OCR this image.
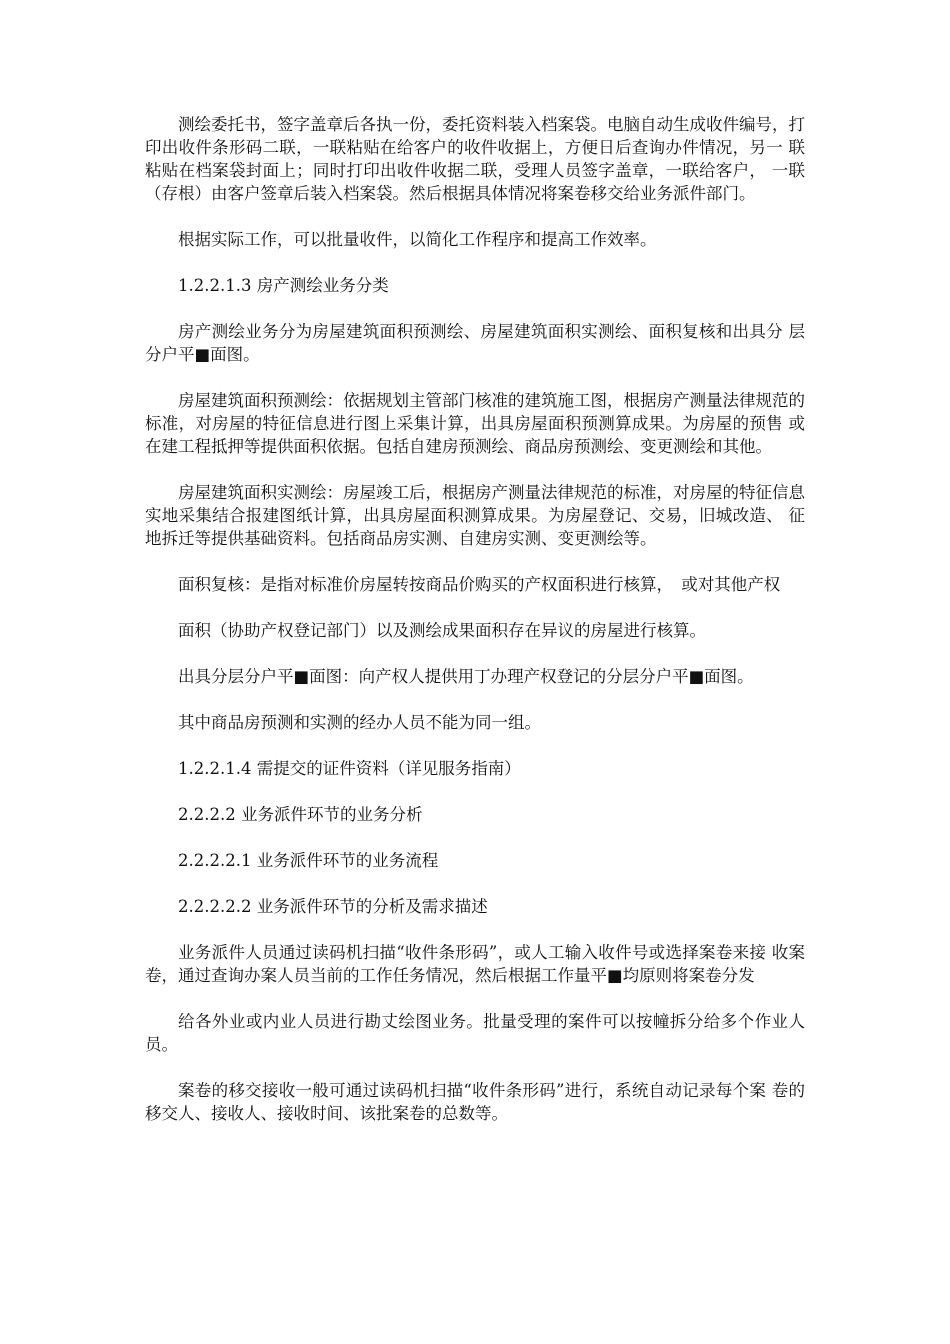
测绘委托书，签字盖章后各执一份，委托资料装入档案袋。电脑自动生成收件编号，打 印出收件条形码二联，一联粘贴在给客户的收件收据上，方便日后查询办件情况，另一 联粘贴在档案袋封面上；同时打印出收件收据二联，受理人员签字盖章，一联给客户， 一联（存根）由客户签章后装入档案袋。然后根据具体情况将案卷移交给业务派件部门。

根据实际工作，可以批量收件，以简化工作程序和提高工作效率。

1.2.2.1.3 房产测绘业务分类

房产测绘业务分为房屋建筑面积预测绘、房屋建筑面积实测绘、面积复核和出具分 层分户平■面图。

房屋建筑面积预测绘：依据规划主管部门核准的建筑施工图，根据房产测量法律规范的 标准，对房屋的特征信息进行图上采集计算，出具房屋面积预测算成果。为房屋的预售 或在建工程抵押等提供面积依据。包括自建房预测绘、商品房预测绘、变更测绘和其他。

房屋建筑面积实测绘：房屋竣工后，根据房产测量法律规范的标准，对房屋的特征信息 实地采集结合报建图纸计算，出具房屋面积测算成果。为房屋登记、交易，旧城改造、 征地拆迁等提供基础资料。包括商品房实测、自建房实测、变更测绘等。

面积复核：是指对标准价房屋转按商品价购买的产权面积进行核算，　或对其他产权

面积（协助产权登记部门）以及测绘成果面积存在异议的房屋进行核算。

出具分层分户平■面图：向产权人提供用丁办理产权登记的分层分户平■面图。

其中商品房预测和实测的经办人员不能为同一组。

1.2.2.1.4 需提交的证件资料（详见服务指南）

2.2.2.2 业务派件环节的业务分析

2.2.2.2.1 业务派件环节的业务流程

2.2.2.2.2 业务派件环节的分析及需求描述

业务派件人员通过读码机扫描“收件条形码”，或人工输入收件号或选择案卷来接 收案卷，通过查询办案人员当前的工作任务情况，然后根据工作量平■均原则将案卷分发

给各外业或内业人员进行勘丈绘图业务。批量受理的案件可以按幢拆分给多个作业人 员。

案卷的移交接收一般可通过读码机扫描“收件条形码”进行，系统自动记录每个案 卷的移交人、接收人、接收时间、该批案卷的总数等。
